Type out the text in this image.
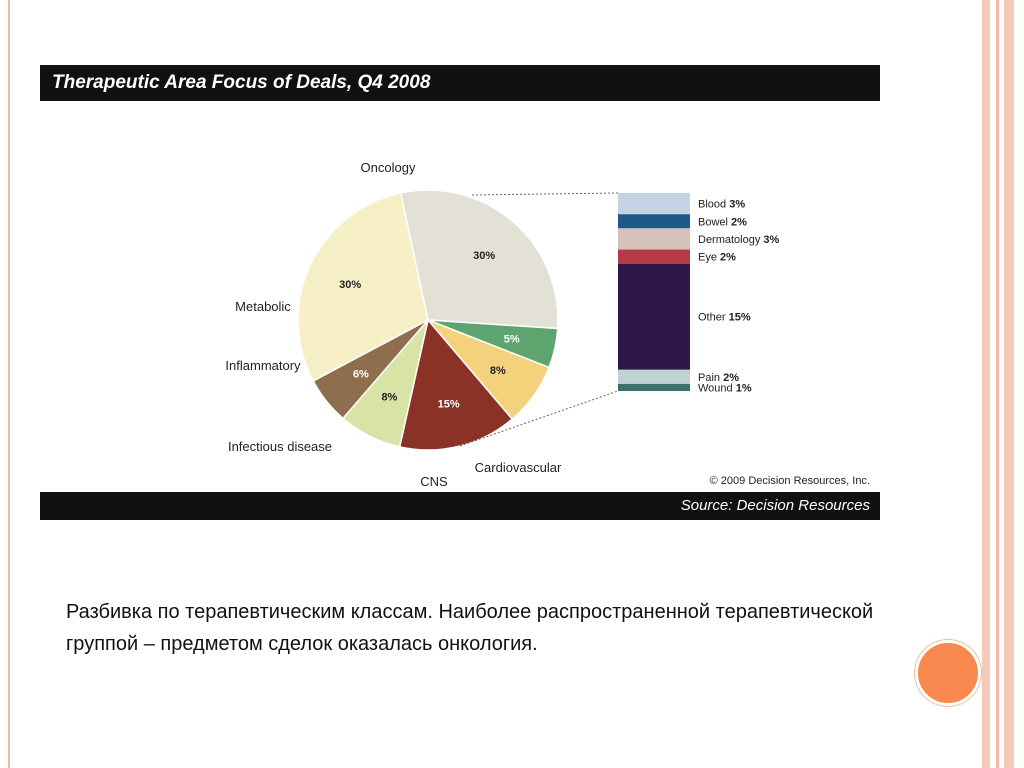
Therapeutic Area Focus of Deals, Q4 2008
30%
30%
5%
8%
15%
8%
6%
Oncology
Cardiovascular
CNS
Infectious disease
Inflammatory
Metabolic
Blood 3%
Bowel 2%
Dermatology 3%
Eye 2%
Other 15%
Pain 2%
Wound 1%
© 2009 Decision Resources, Inc.
Source: Decision Resources
Разбивка по терапевтическим классам. Наиболее распространенной терапевтической группой – предметом сделок оказалась онкология.
